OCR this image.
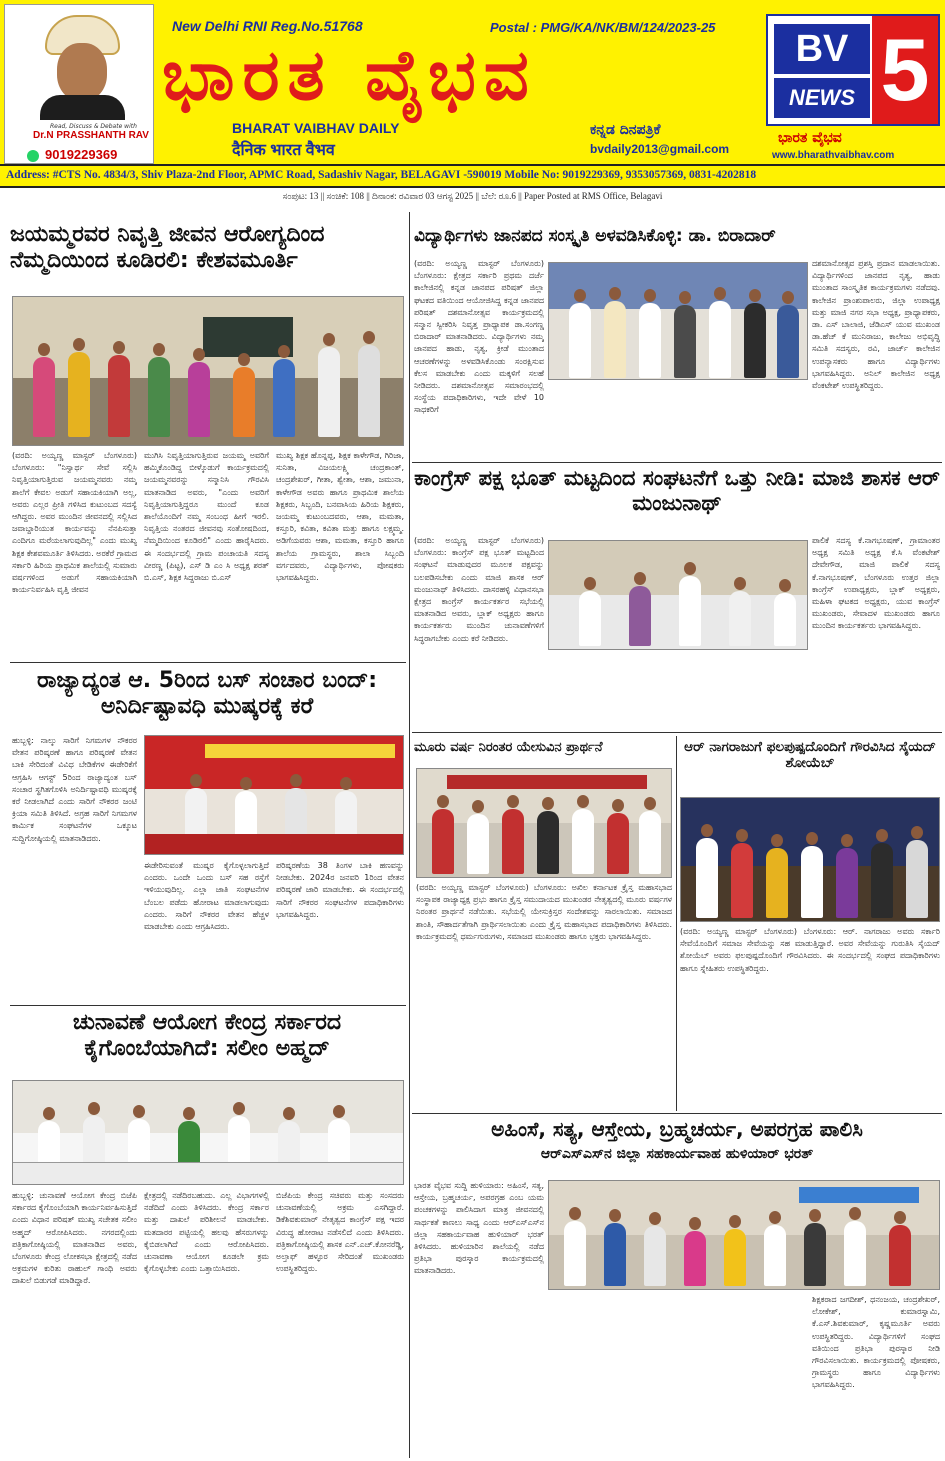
Read, Discuss & Debate with
Dr.N PRASSHANTH RAV
9019229369
New Delhi RNI Reg.No.51768	Postal : PMG/KA/NK/BM/124/2023-25
ಭಾರತ ವೈಭವ
BHARAT VAIBHAV DAILY
दैनिक भारत वैभव
ಕನ್ನಡ ದಿನಪತ್ರಿಕೆ
bvdaily2013@gmail.com
BV
NEWS 5
ಭಾರತ ವೈಭವ
www.bharathvaibhav.com
Address: #CTS No. 4834/3, Shiv Plaza-2nd Floor, APMC Road, Sadashiv Nagar, BELAGAVI -590019 Mobile No: 9019229369, 9353057369, 0831-4202818
ಸಂಪುಟ: 13 || ಸಂಚಿಕೆ: 108 || ದಿನಾಂಕ: ರವಿವಾರ 03 ಆಗಸ್ಟ 2025 || ಬೆಲೆ: ರೂ.6 || Paper Posted at RMS Office, Belagavi
ಜಯಮ್ಮರವರ ನಿವೃತ್ತಿ ಜೀವನ ಆರೋಗ್ಯದಿಂದ ನೆಮ್ಮದಿಯಿಂದ ಕೂಡಿರಲಿ: ಕೇಶವಮೂರ್ತಿ
(ವರದಿ: ಅಯ್ಯಣ್ಣ ಮಾಸ್ಟರ್ ಬೆಂಗಳೂರು) ಬೆಂಗಳೂರು: "ನಿಸ್ವಾರ್ಥ ಸೇವೆ ಸಲ್ಲಿಸಿ ನಿವೃತ್ತಿಯಾಗುತ್ತಿರುವ ಜಯಮ್ಮನವರು ನಮ್ಮ ಶಾಲೆಗೆ ಕೇವಲ ಅಡುಗೆ ಸಹಾಯಕಿಯಾಗಿ ಅಲ್ಲ, ಅವರು ಎಲ್ಲರ ಪ್ರೀತಿ ಗಳಿಸಿದ ಕುಟುಂಬದ ಸದಸ್ಯೆ ಆಗಿದ್ದರು. ಅವರ ಮುಂದಿನ ಜೀವನದಲ್ಲಿ ಸಲ್ಲಿಸಿದ ಜವಾಬ್ದಾರಿಯುತ ಕಾರ್ಯವನ್ನು ನೆನಪಿಸುತ್ತಾ ಎಂದಿಗೂ ಮರೆಯಲಾಗುವುದಿಲ್ಲ" ಎಂದು ಮುಖ್ಯ ಶಿಕ್ಷಕ ಕೇಶವಮೂರ್ತಿ ತಿಳಿಸಿದರು. ಅರಕೆರೆ ಗ್ರಾಮದ ಸರ್ಕಾರಿ ಹಿರಿಯ ಪ್ರಾಥಮಿಕ ಶಾಲೆಯಲ್ಲಿ ಸುಮಾರು ವರ್ಷಗಳಿಂದ ಅಡುಗೆ ಸಹಾಯಕಿಯಾಗಿ ಕಾರ್ಯನಿರ್ವಹಿಸಿ ವೃತ್ತಿ ಜೀವನ
ಮುಗಿಸಿ ನಿವೃತ್ತಿಯಾಗುತ್ತಿರುವ ಜಯಮ್ಮ ಅವರಿಗೆ ಹಮ್ಮಿಕೊಂಡಿದ್ದ ಬೀಳ್ಕೊಡುಗೆ ಕಾರ್ಯಕ್ರಮದಲ್ಲಿ ಜಯಮ್ಮನವರನ್ನು ಸನ್ಮಾನಿಸಿ ಗೌರವಿಸಿ ಮಾತನಾಡಿದ ಅವರು, "ಎಂದು ಅವರಿಗೆ ನಿವೃತ್ತಿಯಾಗುತ್ತಿದ್ದರೂ ಮುಂದೆ ಕೂಡ ಶಾಲೆಯೊಂದಿಗೆ ನಮ್ಮ ಸಂಬಂಧ ಹೀಗೆ ಇರಲಿ. ನಿವೃತ್ತಿಯ ನಂತರದ ಜೀವನವು ಸಂತೋಷದಿಂದ, ನೆಮ್ಮದಿಯಿಂದ ಕೂಡಿರಲಿ" ಎಂದು ಹಾರೈಸಿದರು. ಈ ಸಂದರ್ಭದಲ್ಲಿ ಗ್ರಾಮ ಪಂಚಾಯತಿ ಸದಸ್ಯ ವೀರಣ್ಣ (ಪಿಟ್ಟ), ಎಸ್ ಡಿ ಎಂ ಸಿ ಅಧ್ಯಕ್ಷ ಶರತ್ ಬಿ.ಎಸ್, ಶಿಕ್ಷಕ ಸಿದ್ದರಾಜು ಬಿ.ಎಸ್
ಮುಖ್ಯ ಶಿಕ್ಷಕ ಹೊನ್ನಪ್ಪ, ಶಿಕ್ಷಕ ಕಾಳೇಗೌಡ, ಗಿರಿಜಾ, ಸುನಿತಾ, ವಿಜಯಲಕ್ಷ್ಮಿ ಚಂದ್ರಕಾಂತ್, ಚಂದ್ರಶೇಖರ್, ಗೀತಾ, ಶ್ವೇತಾ, ಆಶಾ, ಜಮುನಾ, ಕಾಳೇಗೌಡ ಅವರು ಹಾಗೂ ಪ್ರಾಥಮಿಕ ಶಾಲೆಯ ಶಿಕ್ಷಕರು, ಸಿಬ್ಬಂದಿ, ಬನವಾಸಿಯ ಹಿರಿಯ ಶಿಕ್ಷಕರು, ಜಯಮ್ಮ ಕುಟುಂಬದವರು, ಆಶಾ, ಮಮತಾ, ಕಸ್ತೂರಿ, ಕವಿತಾ, ಕವಿತಾ ಮತ್ತು ಹಾಗೂ ಲಕ್ಷ್ಮಮ್ಮ. ಅಡಿಗೆಯವರು ಆಶಾ, ಮಮತಾ, ಕಸ್ತೂರಿ ಹಾಗೂ ಶಾಲೆಯ ಗ್ರಾಮಸ್ಥರು, ಶಾಲಾ ಸಿಬ್ಬಂದಿ ವರ್ಗದವರು, ವಿದ್ಯಾರ್ಥಿಗಳು, ಪೋಷಕರು ಭಾಗವಹಿಸಿದ್ದರು.
ರಾಜ್ಯಾದ್ಯಂತ ಆ. 5ರಿಂದ ಬಸ್ ಸಂಚಾರ ಬಂದ್: ಅನಿರ್ದಿಷ್ಟಾವಧಿ ಮುಷ್ಕರಕ್ಕೆ ಕರೆ
ಹುಬ್ಬಳ್ಳಿ: ನಾಲ್ಕು ಸಾರಿಗೆ ನಿಗಮಗಳ ನೌಕರರ ವೇತನ ಪರಿಷ್ಕರಣೆ ಹಾಗೂ ಪರಿಷ್ಕರಣೆ ವೇತನ ಬಾಕಿ ಸೇರಿದಂತೆ ವಿವಿಧ ಬೇಡಿಕೆಗಳ ಈಡೇರಿಕೆಗೆ ಆಗ್ರಹಿಸಿ ಆಗಸ್ಟ್ 5ರಿಂದ ರಾಜ್ಯಾದ್ಯಂತ ಬಸ್ ಸಂಚಾರ ಸ್ಥಗಿತಗೊಳಿಸಿ ಅನಿರ್ದಿಷ್ಟಾವಧಿ ಮುಷ್ಕರಕ್ಕೆ ಕರೆ ನೀಡಲಾಗಿದೆ ಎಂದು ಸಾರಿಗೆ ನೌಕರರ ಜಂಟಿ ಕ್ರಿಯಾ ಸಮಿತಿ ತಿಳಿಸಿದೆ. ಅಗ್ರಹ ಸಾರಿಗೆ ನಿಗಮಗಳ ಕಾರ್ಮಿಕ ಸಂಘಟನೆಗಳ ಒಕ್ಕೂಟ ಸುದ್ದಿಗೋಷ್ಠಿಯಲ್ಲಿ ಮಾತನಾಡಿದರು.
ಈಡೇರಿಸುವಂತೆ ಮುಷ್ಕರ ಕೈಗೊಳ್ಳಲಾಗುತ್ತಿದೆ ಎಂದರು. ಒಂದೇ ಒಂದು ಬಸ್ ಸಹ ರಸ್ತೆಗೆ ಇಳಿಯುವುದಿಲ್ಲ. ಎಲ್ಲಾ ಜಾತಿ ಸಂಘಟನೆಗಳ ಬೆಂಬಲ ಪಡೆದು ಹೋರಾಟ ಮಾಡಲಾಗುವುದು ಎಂದರು. ಸಾರಿಗೆ ನೌಕರರ ವೇತನ ಹೆಚ್ಚಳ ಮಾಡಬೇಕು ಎಂದು ಆಗ್ರಹಿಸಿದರು.
ಪರಿಷ್ಕರಣೆಯ 38 ತಿಂಗಳ ಬಾಕಿ ಹಣವನ್ನು ನೀಡಬೇಕು. 2024ರ ಜನವರಿ 1ರಿಂದ ವೇತನ ಪರಿಷ್ಕರಣೆ ಜಾರಿ ಮಾಡಬೇಕು. ಈ ಸಂದರ್ಭದಲ್ಲಿ ಸಾರಿಗೆ ನೌಕರರ ಸಂಘಟನೆಗಳ ಪದಾಧಿಕಾರಿಗಳು ಭಾಗವಹಿಸಿದ್ದರು.
ಚುನಾವಣೆ ಆಯೋಗ ಕೇಂದ್ರ ಸರ್ಕಾರದ ಕೈಗೊಂಬೆಯಾಗಿದೆ: ಸಲೀಂ ಅಹ್ಮದ್
ಹುಬ್ಬಳ್ಳಿ: ಚುನಾವಣೆ ಆಯೋಗ ಕೇಂದ್ರ ಬಿಜೆಪಿ ಸರ್ಕಾರದ ಕೈಗೊಂಬೆಯಾಗಿ ಕಾರ್ಯನಿರ್ವಹಿಸುತ್ತಿದೆ ಎಂದು ವಿಧಾನ ಪರಿಷತ್ ಮುಖ್ಯ ಸಚೇತಕ ಸಲೀಂ ಅಹ್ಮದ್ ಆರೋಪಿಸಿದರು. ನಗರದಲ್ಲಿಂದು ಪತ್ರಿಕಾಗೋಷ್ಠಿಯಲ್ಲಿ ಮಾತನಾಡಿದ ಅವರು, ಬೆಂಗಳೂರು ಕೇಂದ್ರ ಲೋಕಸಭಾ ಕ್ಷೇತ್ರದಲ್ಲಿ ನಡೆದ ಅಕ್ರಮಗಳ ಕುರಿತು ರಾಹುಲ್ ಗಾಂಧಿ ಅವರು ದಾಖಲೆ ಬಿಡುಗಡೆ ಮಾಡಿದ್ದಾರೆ.
ಕ್ಷೇತ್ರದಲ್ಲಿ ನಡೆದಿರಬಹುದು. ಎಲ್ಲ ವಿಭಾಗಗಳಲ್ಲಿ ನಡೆದಿದೆ ಎಂದು ತಿಳಿಸಿದರು. ಕೇಂದ್ರ ಸರ್ಕಾರ ಮತ್ತು ದಾಖಲೆ ಪರಿಶೀಲನೆ ಮಾಡಬೇಕು. ಮತದಾರರ ಪಟ್ಟಿಯಲ್ಲಿ ಹಲವು ಹೆಸರುಗಳನ್ನು ಕೈಬಿಡಲಾಗಿದೆ ಎಂದು ಆರೋಪಿಸಿದರು. ಚುನಾವಣಾ ಆಯೋಗ ಕೂಡಲೇ ಕ್ರಮ ಕೈಗೊಳ್ಳಬೇಕು ಎಂದು ಒತ್ತಾಯಿಸಿದರು.
ಬಿಜೆಪಿಯ ಕೇಂದ್ರ ಸಚಿವರು ಮತ್ತು ಸಂಸದರು ಚುನಾವಣೆಯಲ್ಲಿ ಅಕ್ರಮ ಎಸಗಿದ್ದಾರೆ. ಡಿಕೆಶಿವಕುಮಾರ್ ನೇತೃತ್ವದ ಕಾಂಗ್ರೆಸ್ ಪಕ್ಷ ಇದರ ವಿರುದ್ಧ ಹೋರಾಟ ನಡೆಸಲಿದೆ ಎಂದು ತಿಳಿಸಿದರು. ಪತ್ರಿಕಾಗೋಷ್ಠಿಯಲ್ಲಿ ಶಾಸಕ ಎನ್.ಎಚ್.ಕೋನರೆಡ್ಡಿ, ಅಲ್ತಾಫ್ ಹಳ್ಳೂರ ಸೇರಿದಂತೆ ಮುಖಂಡರು ಉಪಸ್ಥಿತರಿದ್ದರು.
ವಿದ್ಯಾರ್ಥಿಗಳು ಜಾನಪದ ಸಂಸ್ಕೃತಿ ಅಳವಡಿಸಿಕೊಳ್ಳಿ: ಡಾ. ಬಿರಾದಾರ್
(ವರದಿ: ಅಯ್ಯಣ್ಣ ಮಾಸ್ಟರ್ ಬೆಂಗಳೂರು) ಬೆಂಗಳೂರು: ಕ್ಷೇತ್ರದ ಸರ್ಕಾರಿ ಪ್ರಥಮ ದರ್ಜೆ ಕಾಲೇಜಿನಲ್ಲಿ ಕನ್ನಡ ಜಾನಪದ ಪರಿಷತ್ ಜಿಲ್ಲಾ ಘಟಕದ ವತಿಯಿಂದ ಆಯೋಜಿಸಿದ್ದ ಕನ್ನಡ ಜಾನಪದ ಪರಿಷತ್ ದಶಮಾನೋತ್ಸವ ಕಾರ್ಯಕ್ರಮದಲ್ಲಿ ಸನ್ಮಾನ ಸ್ವೀಕರಿಸಿ ನಿವೃತ್ತ ಪ್ರಾಧ್ಯಾಪಕ ಡಾ.ಸಂಗಣ್ಣ ಬಿರಾದಾರ್ ಮಾತನಾಡಿದರು. ವಿದ್ಯಾರ್ಥಿಗಳು ನಮ್ಮ ಜಾನಪದ ಹಾಡು, ನೃತ್ಯ, ಕ್ರೀಡೆ ಮುಂತಾದ ಆಚರಣೆಗಳನ್ನು ಅಳವಡಿಸಿಕೊಂಡು ಸಂರಕ್ಷಿಸುವ ಕೆಲಸ ಮಾಡಬೇಕು ಎಂದು ಮಕ್ಕಳಿಗೆ ಸಲಹೆ ನೀಡಿದರು. ದಶಮಾನೋತ್ಸವ ಸಮಾರಂಭದಲ್ಲಿ ಸಂಸ್ಥೆಯ ಪದಾಧಿಕಾರಿಗಳು, ಇದೇ ವೇಳೆ 10 ಸಾಧಕರಿಗೆ
ದಶಮಾನೋತ್ಸವ ಪ್ರಶಸ್ತಿ ಪ್ರದಾನ ಮಾಡಲಾಯಿತು. ವಿದ್ಯಾರ್ಥಿಗಳಿಂದ ಜಾನಪದ ನೃತ್ಯ, ಹಾಡು ಮುಂತಾದ ಸಾಂಸ್ಕೃತಿಕ ಕಾರ್ಯಕ್ರಮಗಳು ನಡೆದವು. ಕಾಲೇಜಿನ ಪ್ರಾಂಶುಪಾಲರು, ಜಿಲ್ಲಾ ಉಪಾಧ್ಯಕ್ಷ ಮತ್ತು ಮಾಜಿ ನಗರ ಸಭಾ ಅಧ್ಯಕ್ಷ, ಪ್ರಾಧ್ಯಾಪಕರು, ಡಾ. ಎಸ್ ಬಾಲಾಜಿ, ಜೆಡಿಎಸ್ ಯುವ ಮುಖಂಡ ಡಾ.ಹೆಚ್ ಕೆ ಮುನಿರಾಜು, ಕಾಲೇಜು ಅಭಿವೃದ್ಧಿ ಸಮಿತಿ ಸದಸ್ಯರು, ರವಿ, ಜಾರ್ಜ್ ಕಾಲೇಜಿನ ಉಪನ್ಯಾಸಕರು ಹಾಗೂ ವಿದ್ಯಾರ್ಥಿಗಳು ಭಾಗವಹಿಸಿದ್ದರು. ಅನಿಲ್ ಕಾಲೇಜಿನ ಅಧ್ಯಕ್ಷ ವೆಂಕಟೇಶ್ ಉಪಸ್ಥಿತರಿದ್ದರು.
ಕಾಂಗ್ರೆಸ್ ಪಕ್ಷ ಭೂತ್ ಮಟ್ಟದಿಂದ ಸಂಘಟನೆಗೆ ಒತ್ತು ನೀಡಿ: ಮಾಜಿ ಶಾಸಕ ಆರ್ ಮಂಜುನಾಥ್
(ವರದಿ: ಅಯ್ಯಣ್ಣ ಮಾಸ್ಟರ್ ಬೆಂಗಳೂರು) ಬೆಂಗಳೂರು: ಕಾಂಗ್ರೆಸ್ ಪಕ್ಷ ಭೂತ್ ಮಟ್ಟದಿಂದ ಸಂಘಟನೆ ಮಾಡುವುದರ ಮೂಲಕ ಪಕ್ಷವನ್ನು ಬಲಪಡಿಸಬೇಕು ಎಂದು ಮಾಜಿ ಶಾಸಕ ಆರ್ ಮಂಜುನಾಥ್ ತಿಳಿಸಿದರು. ದಾಸರಹಳ್ಳಿ ವಿಧಾನಸಭಾ ಕ್ಷೇತ್ರದ ಕಾಂಗ್ರೆಸ್ ಕಾರ್ಯಕರ್ತರ ಸಭೆಯಲ್ಲಿ ಮಾತನಾಡಿದ ಅವರು, ಬ್ಲಾಕ್ ಅಧ್ಯಕ್ಷರು ಹಾಗೂ ಕಾರ್ಯಕರ್ತರು ಮುಂದಿನ ಚುನಾವಣೆಗಳಿಗೆ ಸಿದ್ಧರಾಗಬೇಕು ಎಂದು ಕರೆ ನೀಡಿದರು.
ಪಾಲಿಕೆ ಸದಸ್ಯ ಕೆ.ನಾಗಭೂಷಣ್, ಗ್ರಾಮಾಂತರ ಅಧ್ಯಕ್ಷ ಸಮಿತಿ ಅಧ್ಯಕ್ಷ ಕೆ.ಸಿ ವೆಂಕಟೇಶ್ ದೇವೇಗೌಡ, ಮಾಜಿ ಪಾಲಿಕೆ ಸದಸ್ಯ ಕೆ.ನಾಗಭೂಷಣ್, ಬೆಂಗಳೂರು ಉತ್ತರ ಜಿಲ್ಲಾ ಕಾಂಗ್ರೆಸ್ ಉಪಾಧ್ಯಕ್ಷರು, ಬ್ಲಾಕ್ ಅಧ್ಯಕ್ಷರು, ಮಹಿಳಾ ಘಟಕದ ಅಧ್ಯಕ್ಷರು, ಯುವ ಕಾಂಗ್ರೆಸ್ ಮುಖಂಡರು, ಸೇವಾದಳ ಮುಖಂಡರು ಹಾಗೂ ಮುಂದಿನ ಕಾರ್ಯಕರ್ತರು ಭಾಗವಹಿಸಿದ್ದರು.
ಮೂರು ವರ್ಷ ನಿರಂತರ ಯೇಸುವಿನ ಪ್ರಾರ್ಥನೆ	ಆರ್ ನಾಗರಾಜುಗೆ ಫಲಪುಷ್ಪದೊಂದಿಗೆ ಗೌರವಿಸಿದ ಸೈಯದ್ ಶೋಯೆಬ್
(ವರದಿ: ಅಯ್ಯಣ್ಣ ಮಾಸ್ಟರ್ ಬೆಂಗಳೂರು) ಬೆಂಗಳೂರು: ಅಖಿಲ ಕರ್ನಾಟಕ ಕ್ರೈಸ್ತ ಮಹಾಸಭಾದ ಸಂಸ್ಥಾಪಕ ರಾಜ್ಯಾಧ್ಯಕ್ಷ ಪ್ರಭು ಹಾಗೂ ಕ್ರೈಸ್ತ ಸಮುದಾಯದ ಮುಖಂಡರ ನೇತೃತ್ವದಲ್ಲಿ ಮೂರು ವರ್ಷಗಳ ನಿರಂತರ ಪ್ರಾರ್ಥನೆ ನಡೆಯಿತು. ಸಭೆಯಲ್ಲಿ ಯೇಸುಕ್ರಿಸ್ತರ ಸಂದೇಶವನ್ನು ಸಾರಲಾಯಿತು. ಸಮಾಜದ ಶಾಂತಿ, ಸೌಹಾರ್ದತೆಗಾಗಿ ಪ್ರಾರ್ಥಿಸಲಾಯಿತು ಎಂದು ಕ್ರೈಸ್ತ ಮಹಾಸಭಾದ ಪದಾಧಿಕಾರಿಗಳು ತಿಳಿಸಿದರು. ಕಾರ್ಯಕ್ರಮದಲ್ಲಿ ಧರ್ಮಗುರುಗಳು, ಸಮಾಜದ ಮುಖಂಡರು ಹಾಗೂ ಭಕ್ತರು ಭಾಗವಹಿಸಿದ್ದರು.
(ವರದಿ: ಅಯ್ಯಣ್ಣ ಮಾಸ್ಟರ್ ಬೆಂಗಳೂರು) ಬೆಂಗಳೂರು: ಆರ್. ನಾಗರಾಜು ಅವರು ಸರ್ಕಾರಿ ಸೇವೆಯೊಂದಿಗೆ ಸಮಾಜ ಸೇವೆಯನ್ನು ಸಹ ಮಾಡುತ್ತಿದ್ದಾರೆ. ಅವರ ಸೇವೆಯನ್ನು ಗುರುತಿಸಿ ಸೈಯದ್ ಶೋಯೆಬ್ ಅವರು ಫಲಪುಷ್ಪದೊಂದಿಗೆ ಗೌರವಿಸಿದರು. ಈ ಸಂದರ್ಭದಲ್ಲಿ ಸಂಘದ ಪದಾಧಿಕಾರಿಗಳು ಹಾಗೂ ಸ್ನೇಹಿತರು ಉಪಸ್ಥಿತರಿದ್ದರು.
ಅಹಿಂಸೆ, ಸತ್ಯ, ಆಸ್ತೇಯ, ಬ್ರಹ್ಮಚರ್ಯ, ಅಪರಗ್ರಹ ಪಾಲಿಸಿ
ಆರ್‌ಎಸ್‌ಎಸ್‌ನ ಜಿಲ್ಲಾ ಸಹಕಾರ್ಯವಾಹ ಹುಳಿಯಾರ್ ಭರತ್
ಭಾರತ ವೈಭವ ಸುದ್ದಿ ಹುಳಿಯಾರು: ಅಹಿಂಸೆ, ಸತ್ಯ, ಆಸ್ತೇಯ, ಬ್ರಹ್ಮಚರ್ಯ, ಅಪರಗ್ರಹ ಎಂಬ ಯಮ ಪಂಚಕಗಳನ್ನು ಪಾಲಿಸಿದಾಗ ಮಾತ್ರ ಜೀವನದಲ್ಲಿ ಸಾರ್ಥಕತೆ ಕಾಣಲು ಸಾಧ್ಯ ಎಂದು ಆರ್‌ಎಸ್‌ಎಸ್‌ನ ಜಿಲ್ಲಾ ಸಹಕಾರ್ಯವಾಹ ಹುಳಿಯಾರ್ ಭರತ್ ತಿಳಿಸಿದರು. ಹುಳಿಯಾರಿನ ಶಾಲೆಯಲ್ಲಿ ನಡೆದ ಪ್ರತಿಭಾ ಪುರಸ್ಕಾರ ಕಾರ್ಯಕ್ರಮದಲ್ಲಿ ಮಾತನಾಡಿದರು.
ಶಿಕ್ಷಕರಾದ ಜಗದೀಶ್, ಧನಂಜಯ, ಚಂದ್ರಶೇಖರ್, ಲೋಕೇಶ್, ಕುಮಾರಸ್ವಾಮಿ, ಕೆ.ಎಸ್.ಶಿವಕುಮಾರ್, ಕೃಷ್ಣಮೂರ್ತಿ ಅವರು ಉಪಸ್ಥಿತರಿದ್ದರು. ವಿದ್ಯಾರ್ಥಿಗಳಿಗೆ ಸಂಘದ ವತಿಯಿಂದ ಪ್ರತಿಭಾ ಪುರಸ್ಕಾರ ನೀಡಿ ಗೌರವಿಸಲಾಯಿತು. ಕಾರ್ಯಕ್ರಮದಲ್ಲಿ ಪೋಷಕರು, ಗ್ರಾಮಸ್ಥರು ಹಾಗೂ ವಿದ್ಯಾರ್ಥಿಗಳು ಭಾಗವಹಿಸಿದ್ದರು.
